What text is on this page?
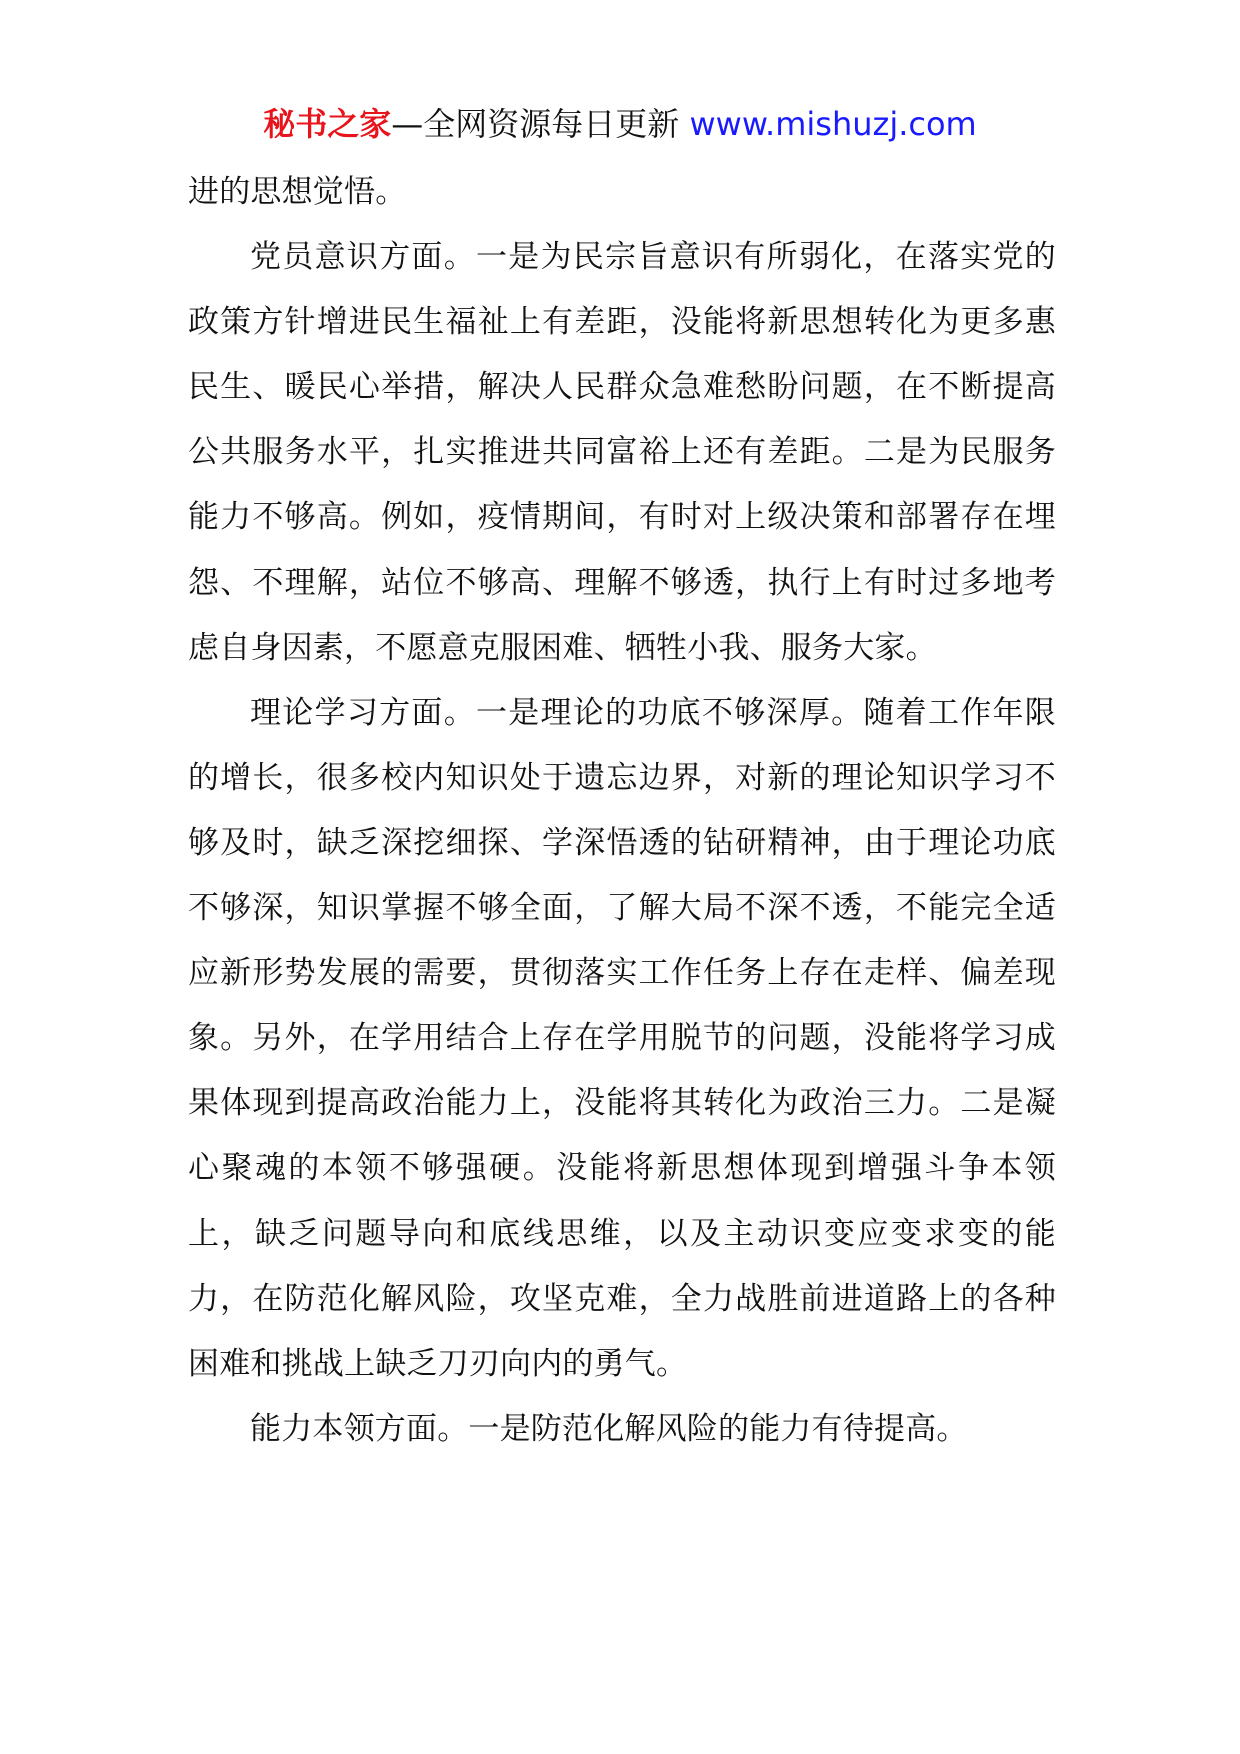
秘书之家—全网资源每日更新 www.mishuzj.com

进的思想觉悟。

党员意识方面。一是为民宗旨意识有所弱化，在落实党的政策方针增进民生福祉上有差距，没能将新思想转化为更多惠民生、暖民心举措，解决人民群众急难愁盼问题，在不断提高公共服务水平，扎实推进共同富裕上还有差距。二是为民服务能力不够高。例如，疫情期间，有时对上级决策和部署存在埋怨、不理解，站位不够高、理解不够透，执行上有时过多地考虑自身因素，不愿意克服困难、牺牲小我、服务大家。

理论学习方面。一是理论的功底不够深厚。随着工作年限的增长，很多校内知识处于遗忘边界，对新的理论知识学习不够及时，缺乏深挖细探、学深悟透的钻研精神，由于理论功底不够深，知识掌握不够全面，了解大局不深不透，不能完全适应新形势发展的需要，贯彻落实工作任务上存在走样、偏差现象。另外，在学用结合上存在学用脱节的问题，没能将学习成果体现到提高政治能力上，没能将其转化为政治三力。二是凝心聚魂的本领不够强硬。没能将新思想体现到增强斗争本领上，缺乏问题导向和底线思维，以及主动识变应变求变的能力，在防范化解风险，攻坚克难，全力战胜前进道路上的各种困难和挑战上缺乏刀刃向内的勇气。

能力本领方面。一是防范化解风险的能力有待提高。
